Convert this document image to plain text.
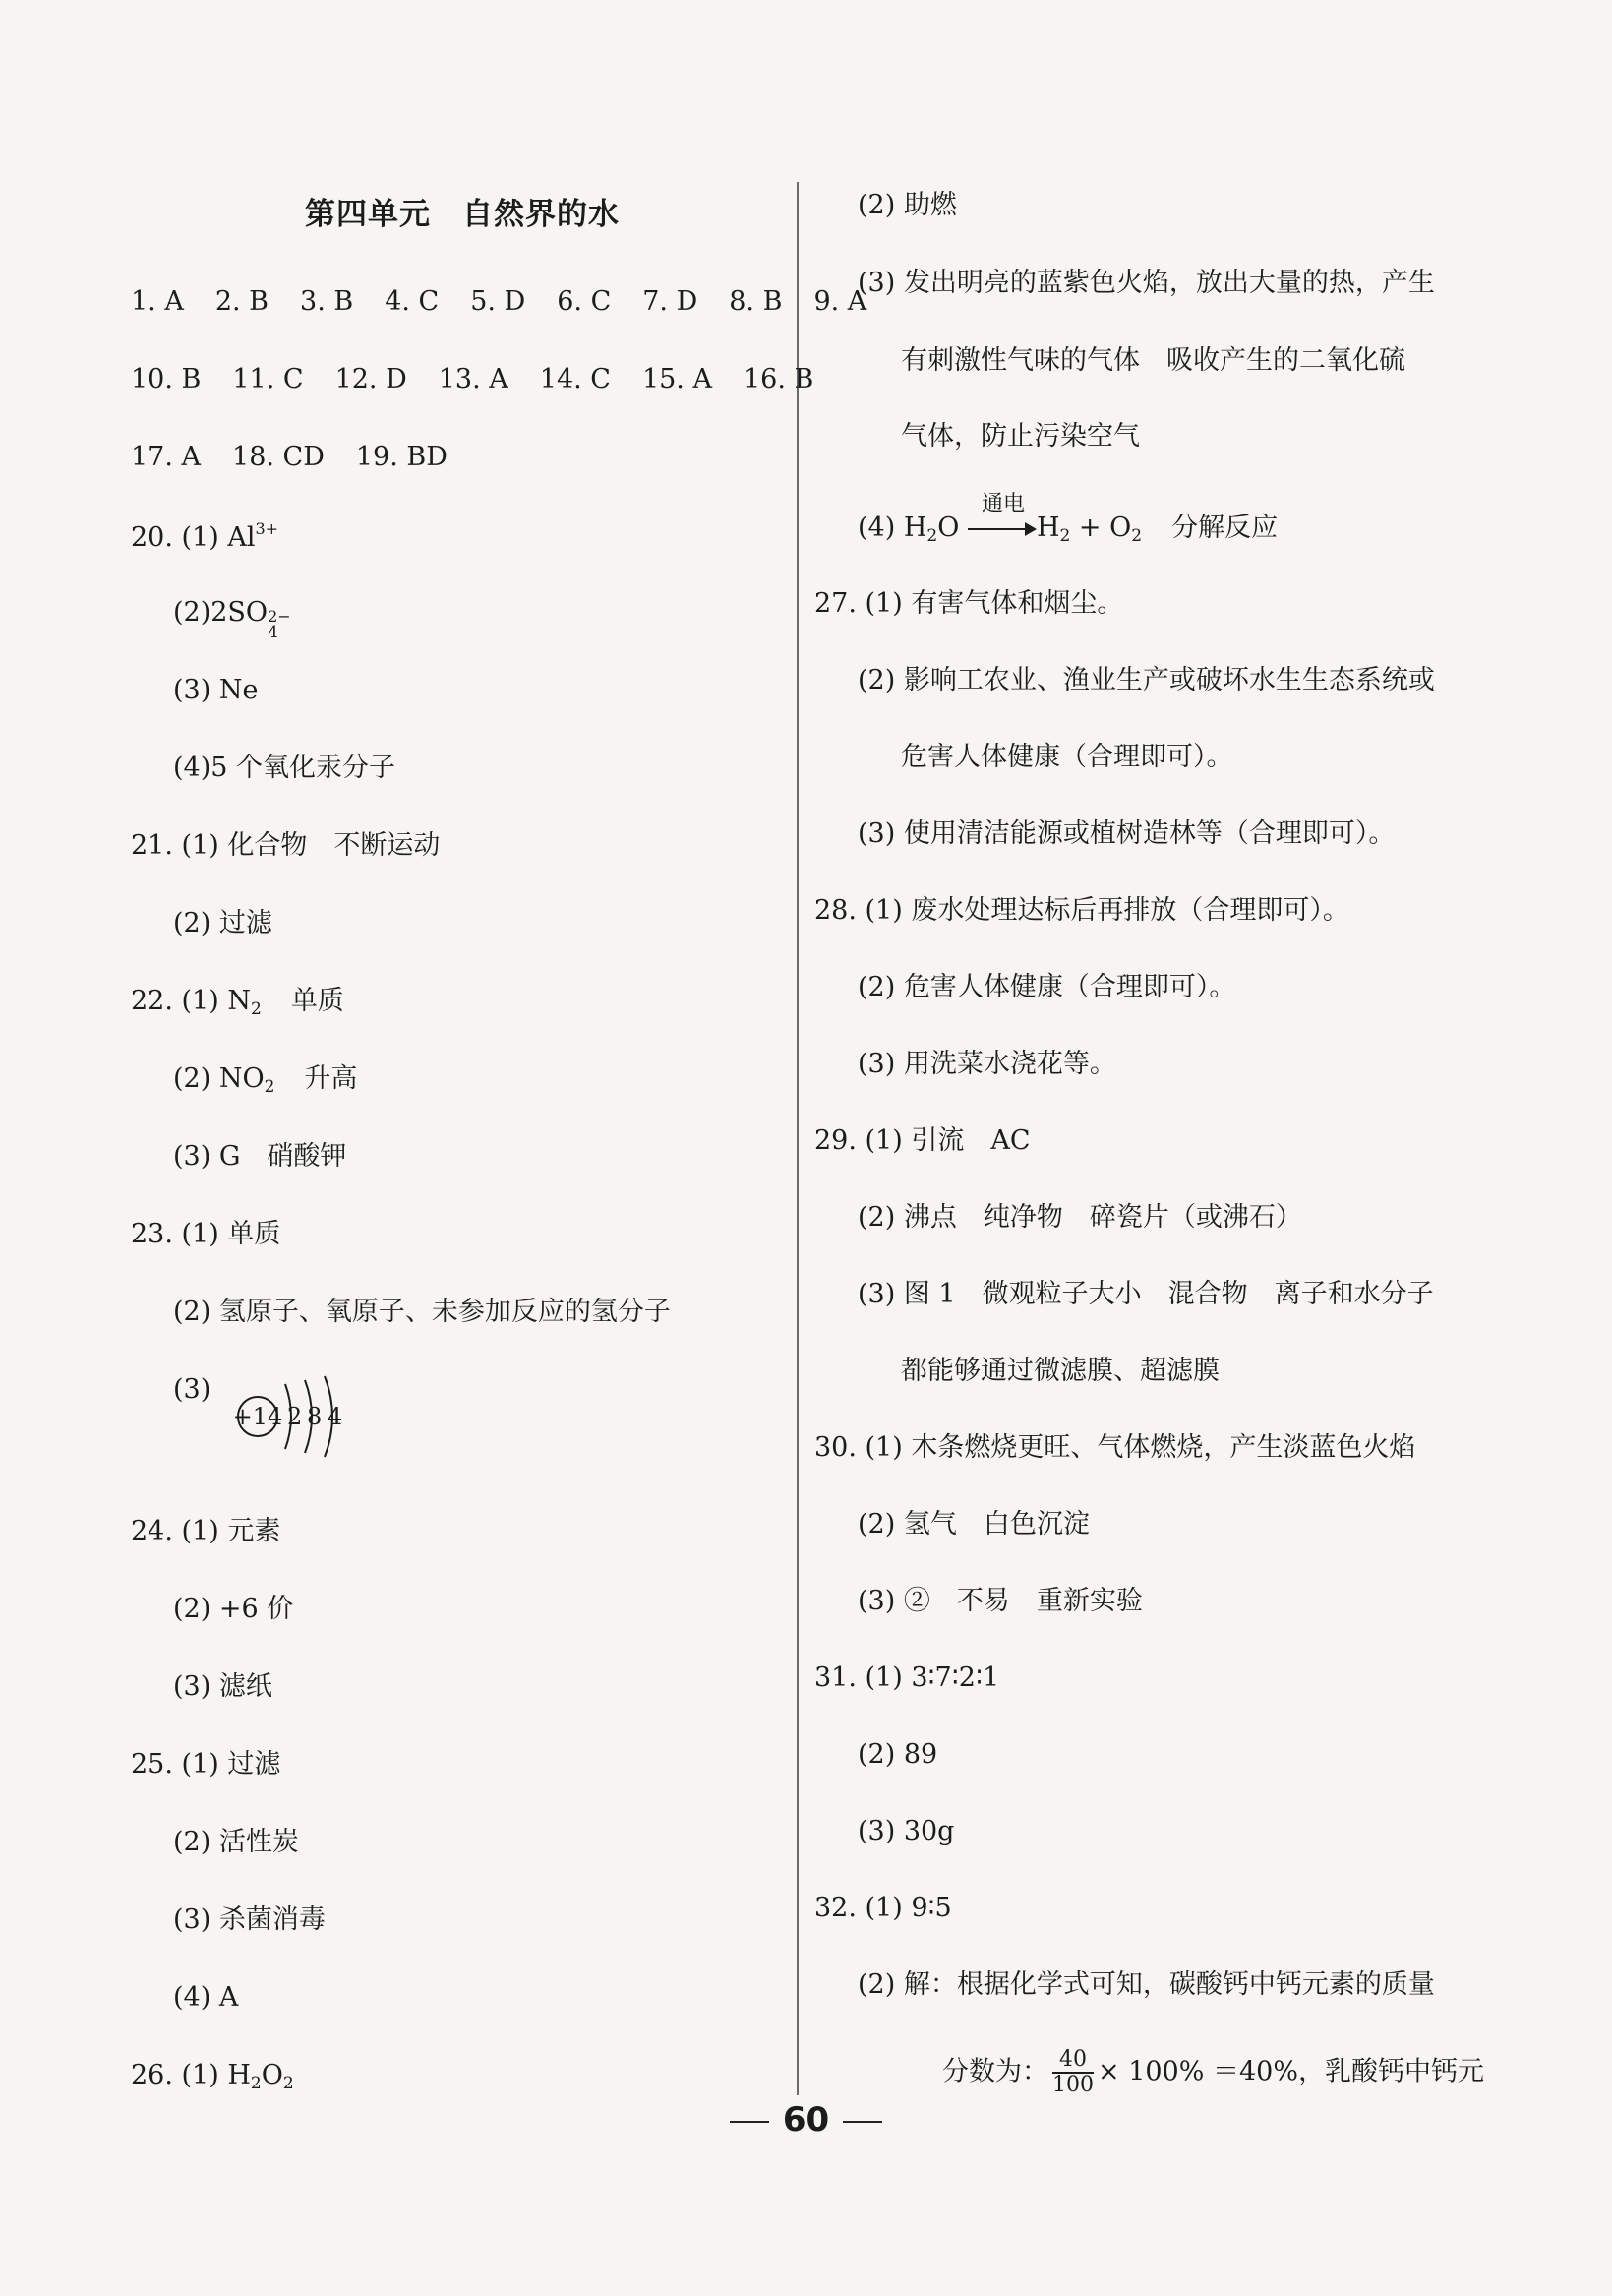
第四单元　自然界的水
1. A 2. B 3. B 4. C 5. D 6. C 7. D 8. B 9. A
10. B 11. C 12. D 13. A 14. C 15. A 16. B
17. A 18. CD 19. BD
20. (1) $Al^{3+}$
(2)2SO 2−
4
(3) Ne
(4)5 个氧化汞分子
21. (1) 化合物　不断运动
(2) 过滤
22. (1) $N_2$ 单质
(2) $NO_2$ 升高
(3) G　硝酸钾
23. (1) 单质
(2) 氢原子、氧原子、未参加反应的氢分子
(3)
+14 2 8 4
24. (1) 元素
(2) +6 价
(3) 滤纸
25. (1) 过滤
(2) 活性炭
(3) 杀菌消毒
(4) A
26. (1) $H_2O_2$
(2) 助燃
(3) 发出明亮的蓝紫色火焰，放出大量的热，产生
有刺激性气味的气体　吸收产生的二氧化硫
气体，防止污染空气
(4) $H_2O$
通电
$H_2 + O_2$ 分解反应
27. (1) 有害气体和烟尘。
(2) 影响工农业、渔业生产或破坏水生生态系统或
危害人体健康（合理即可）。
(3) 使用清洁能源或植树造林等（合理即可）。
28. (1) 废水处理达标后再排放（合理即可）。
(2) 危害人体健康（合理即可）。
(3) 用洗菜水浇花等。
29. (1) 引流　AC
(2) 沸点　纯净物　碎瓷片（或沸石）
(3) 图 1　微观粒子大小　混合物　离子和水分子
都能够通过微滤膜、超滤膜
30. (1) 木条燃烧更旺、气体燃烧，产生淡蓝色火焰
(2) 氢气　白色沉淀
(3) ②　不易　重新实验
31. (1) 3∶7∶2∶1
(2) 89
(3) 30g
32. (1) 9∶5
(2) 解：根据化学式可知，碳酸钙中钙元素的质量
分数为： $\frac{40}{100} \times 100\% =40\%$，乳酸钙中钙元
60
